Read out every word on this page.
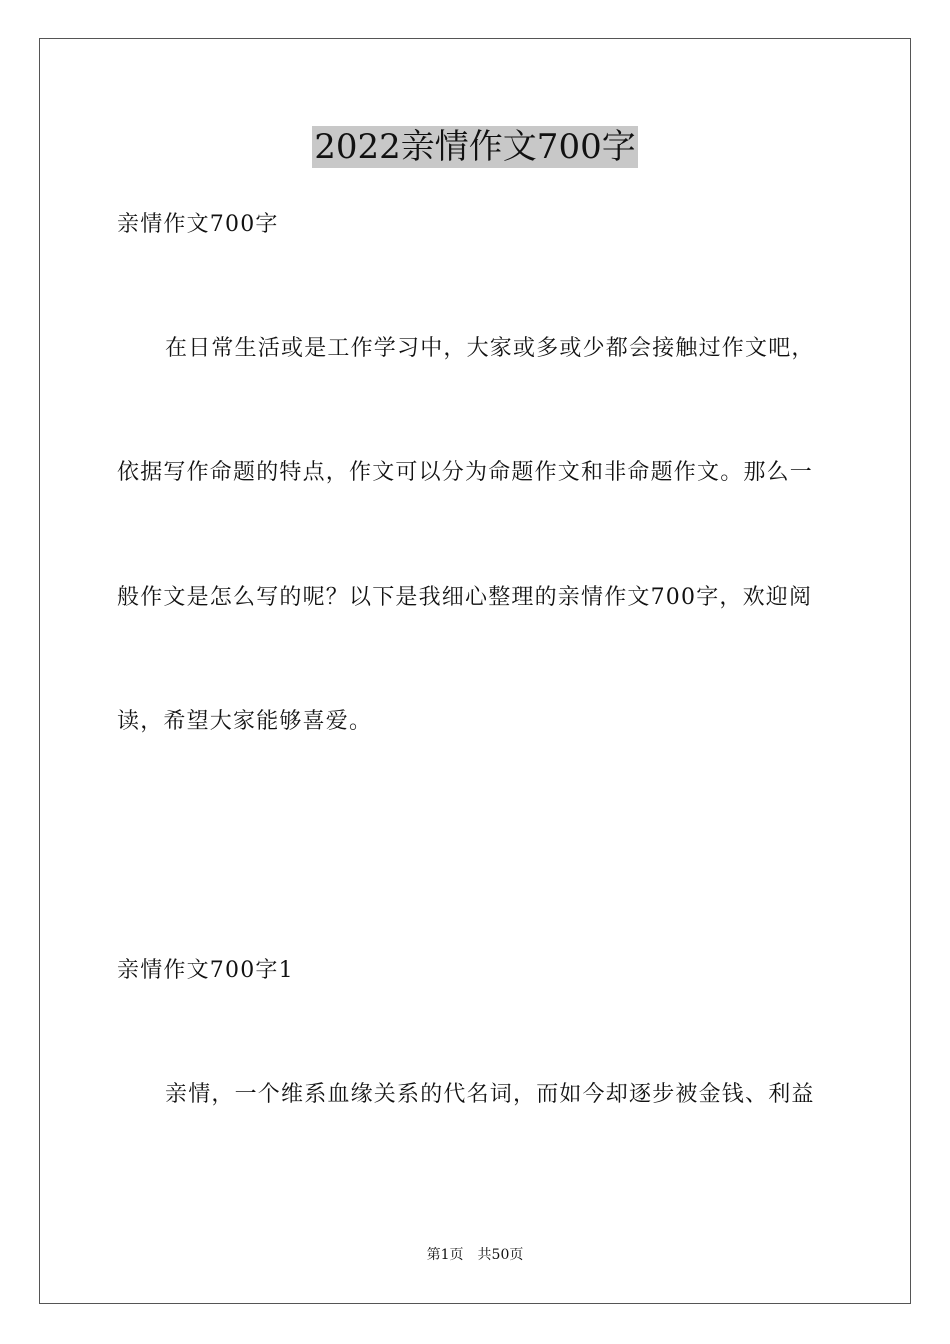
2022亲情作文700字
亲情作文700字
在日常生活或是工作学习中，大家或多或少都会接触过作文吧，
依据写作命题的特点，作文可以分为命题作文和非命题作文。那么一
般作文是怎么写的呢？以下是我细心整理的亲情作文700字，欢迎阅
读，希望大家能够喜爱。
亲情作文700字1
亲情，一个维系血缘关系的代名词，而如今却逐步被金钱、利益
第1页 共50页
